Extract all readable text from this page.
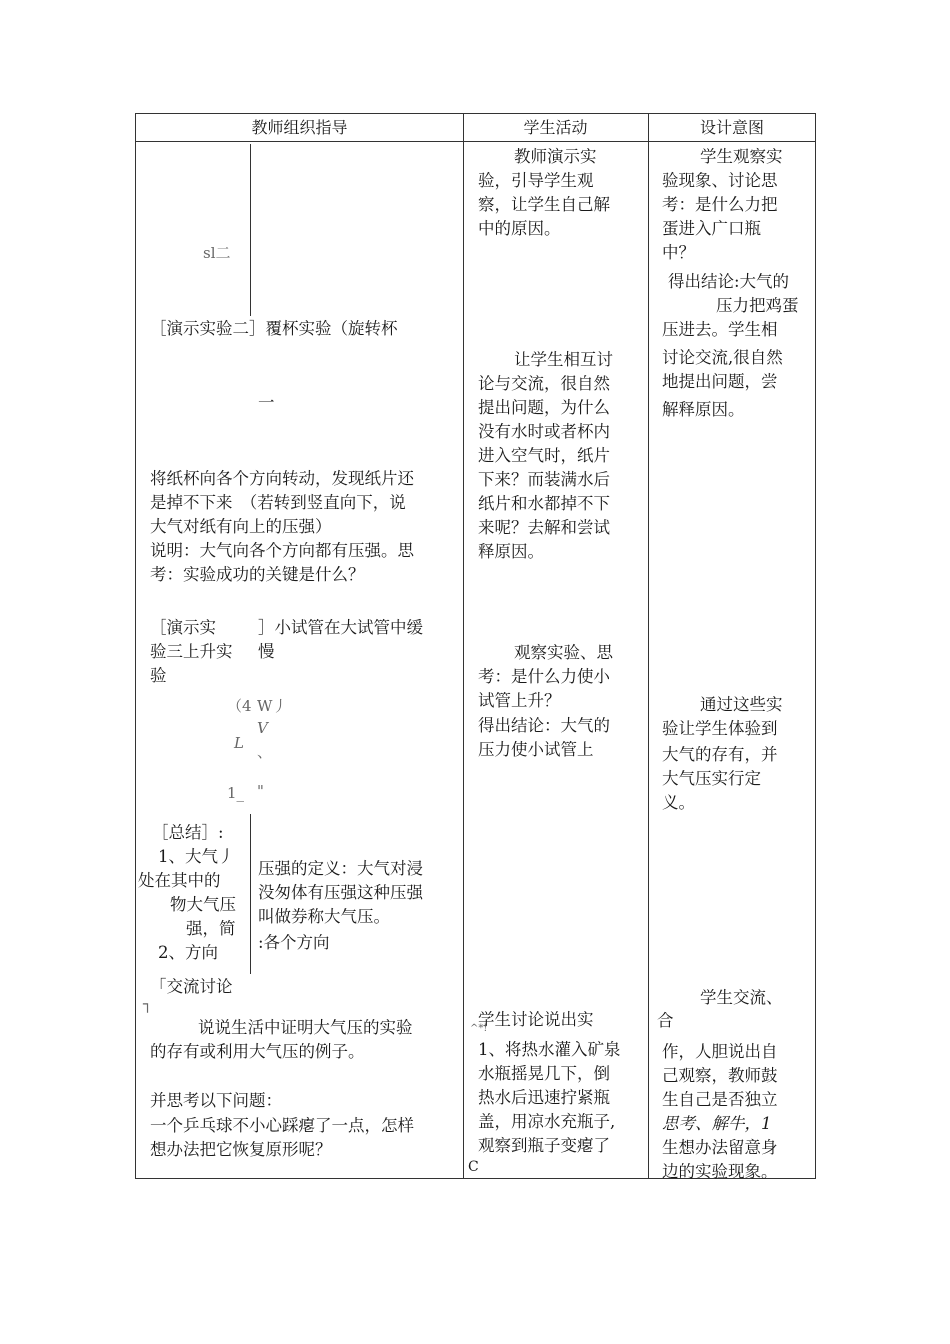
教师组织指导	学生活动	设计意图
sl二
［演示实验二］覆杯实验（旋转杯
一
将纸杯向各个方向转动，发现纸片还
是掉不下来　（若转到竖直向下，说
大气对纸有向上的压强）
说明：大气向各个方向都有压强。思
考：实验成功的关键是什么？
［演示实
验三上升实
验
］小试管在大试管中缓
慢
（4 W丿
V
L 、
1_ "
［总结］:
1、大气丿
处在其中的
物大气压
强，简
2、方向
压强的定义：大气对浸
没匆体有压强这种压强
叫做券称大气压。
:各个方向
「交流讨论
┐
说说生活中证明大气压的实验
的存有或利用大气压的例子。
并思考以下问题：
一个乒乓球不小心踩瘪了一点，怎样
想办法把它恢复原形呢？
教师演示实
验，引导学生观
察，让学生自己解
中的原因。
让学生相互讨
论与交流，很自然
提出问题，为什么
没有水时或者杯内
进入空气时，纸片
下来？而装满水后
纸片和水都掉不下
来呢？去解和尝试
释原因。
观察实验、思
考：是什么力使小
试管上升？
得出结论：大气的
压力使小试管上
学生讨论说出实
^*!
1、将热水灌入矿泉
水瓶摇晃几下，倒
热水后迅速拧紧瓶
盖，用凉水充瓶子,
观察到瓶子变瘪了
C
学生观察实
验现象、讨论思
考：是什么力把
蛋进入广口瓶
中？
得出结论:大气的
压力把鸡蛋
压进去。学生相
讨论交流,很自然
地提出问题，尝
解释原因。
通过这些实
验让学生体验到
大气的存有，并
大气压实行定
义。
学生交流、
合
作，人胆说出自
己观察，教师鼓
生自己是否独立
思考、解牛，1
生想办法留意身
边的实验现象。
